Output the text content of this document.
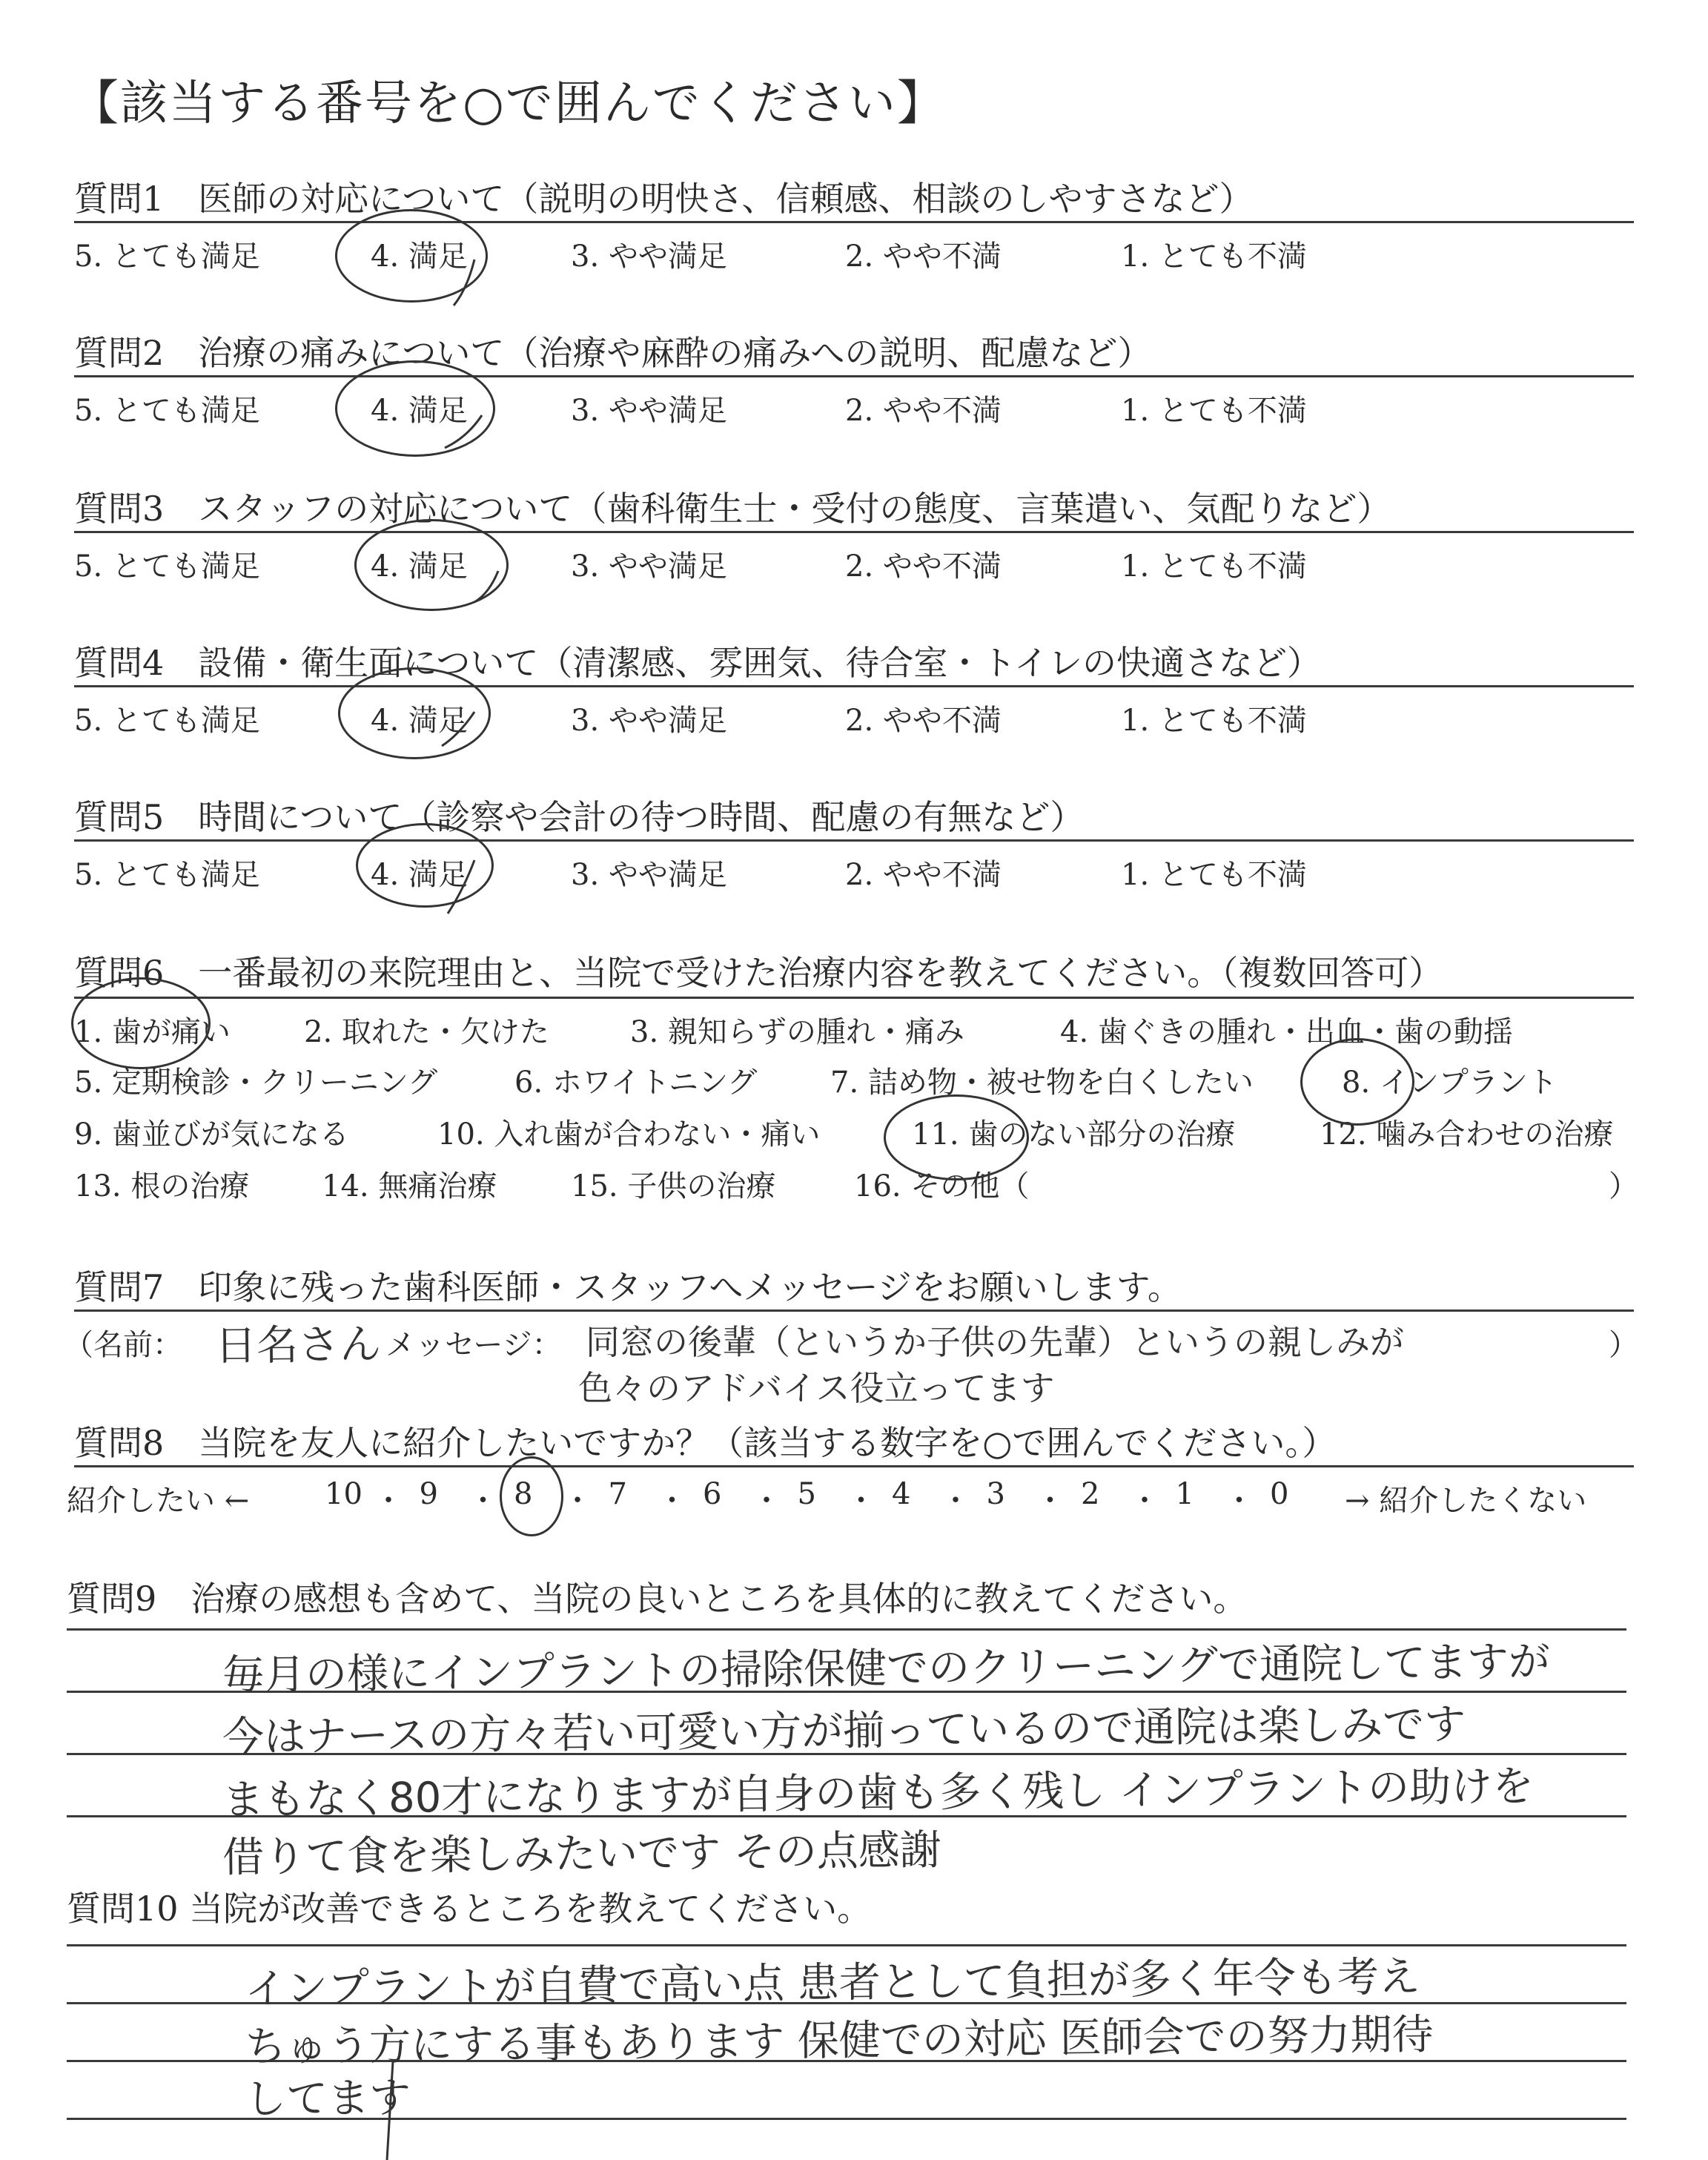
【該当する番号を○で囲んでください】
質問1　医師の対応について（説明の明快さ、信頼感、相談のしやすさなど）
5. とても満足	4. 満足	3. やや満足	2. やや不満	1. とても不満
質問2　治療の痛みについて（治療や麻酔の痛みへの説明、配慮など）
5. とても満足	4. 満足	3. やや満足	2. やや不満	1. とても不満
質問3　スタッフの対応について（歯科衛生士・受付の態度、言葉遣い、気配りなど）
5. とても満足	4. 満足	3. やや満足	2. やや不満	1. とても不満
質問4　設備・衛生面について（清潔感、雰囲気、待合室・トイレの快適さなど）
5. とても満足	4. 満足	3. やや満足	2. やや不満	1. とても不満
質問5　時間について（診察や会計の待つ時間、配慮の有無など）
5. とても満足	4. 満足	3. やや満足	2. やや不満	1. とても不満
質問6　一番最初の来院理由と、当院で受けた治療内容を教えてください。（複数回答可）
1. 歯が痛い 2. 取れた・欠けた	3. 親知らずの腫れ・痛み	4. 歯ぐきの腫れ・出血・歯の動揺
5. 定期検診・クリーニング	6. ホワイトニング 7. 詰め物・被せ物を白くしたい	8. インプラント
9. 歯並びが気になる	10. 入れ歯が合わない・痛い	11. 歯のない部分の治療	12. 噛み合わせの治療
13. 根の治療 14. 無痛治療 15. 子供の治療	16. その他（	）
質問7　印象に残った歯科医師・スタッフへメッセージをお願いします。
（名前： 日名さん メッセージ： 同窓の後輩（というか子供の先輩）というの親しみが
色々のアドバイス役立ってます
）
質問8　当院を友人に紹介したいですか？（該当する数字を○で囲んでください。）
紹介したい ←	10 ・ 9 ・ 8 ・ 7 ・ 6 ・ 5 ・ 4 ・ 3 ・ 2 ・ 1 ・ 0 → 紹介したくない
質問9　治療の感想も含めて、当院の良いところを具体的に教えてください。
毎月の様にインプラントの掃除保健でのクリーニングで通院してますが
今はナースの方々若い可愛い方が揃っているので通院は楽しみです
まもなく80才になりますが自身の歯も多く残し インプラントの助けを
借りて食を楽しみたいです その点感謝
質問10 当院が改善できるところを教えてください。
インプラントが自費で高い点 患者として負担が多く年令も考え
ちゅう方にする事もあります 保健での対応 医師会での努力期待
してます
